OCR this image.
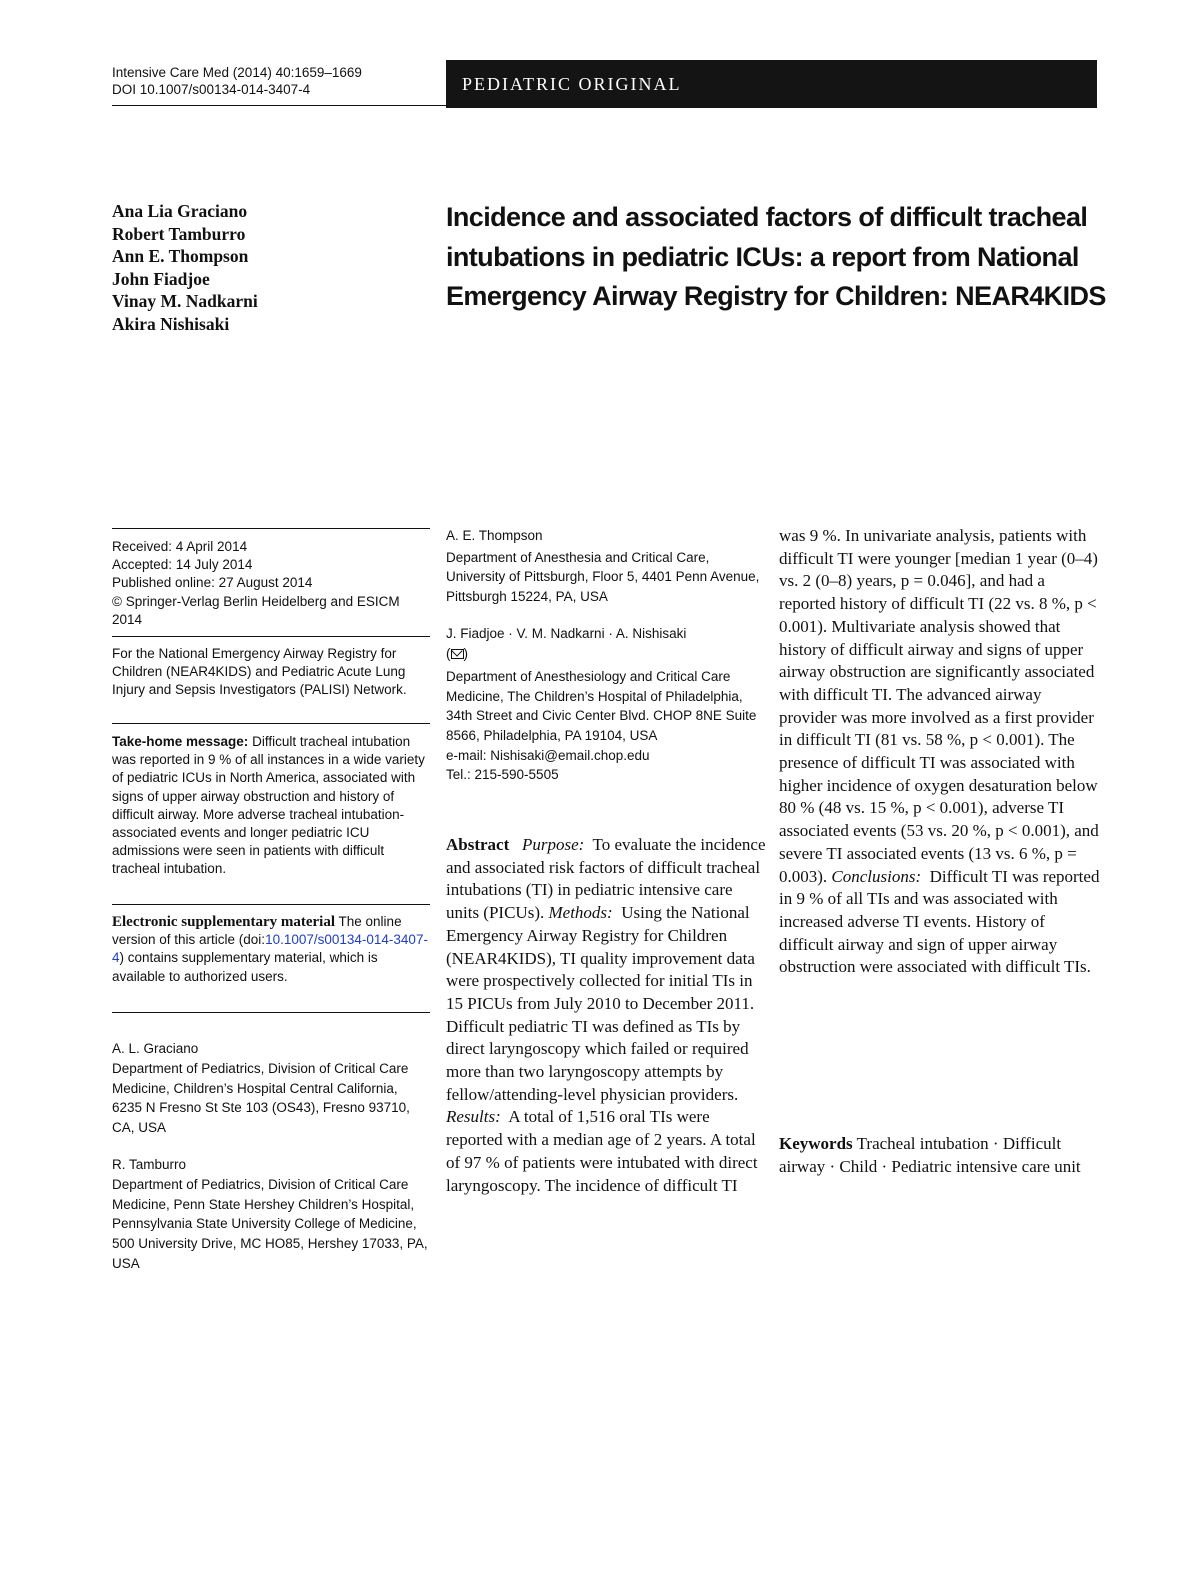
Intensive Care Med (2014) 40:1659–1669
DOI 10.1007/s00134-014-3407-4	PEDIATRIC ORIGINAL
Ana Lia Graciano
Robert Tamburro
Ann E. Thompson
John Fiadjoe
Vinay M. Nadkarni
Akira Nishisaki
Incidence and associated factors of difficult tracheal intubations in pediatric ICUs: a report from National Emergency Airway Registry for Children: NEAR4KIDS

Received: 4 April 2014

Accepted: 14 July 2014

Published online: 27 August 2014

© Springer-Verlag Berlin Heidelberg and ESICM 2014

For the National Emergency Airway Registry for Children (NEAR4KIDS) and Pediatric Acute Lung Injury and Sepsis Investigators (PALISI) Network.
Take-home message: Difficult tracheal intubation was reported in 9 % of all instances in a wide variety of pediatric ICUs in North America, associated with signs of upper airway obstruction and history of difficult airway. More adverse tracheal intubation-associated events and longer pediatric ICU admissions were seen in patients with difficult tracheal intubation.
Electronic supplementary material The online version of this article (doi:10.1007/s00134-014-3407-4) contains supplementary material, which is available to authorized users.

A. L. Graciano

Department of Pediatrics, Division of Critical Care Medicine, Children’s Hospital Central California, 6235 N Fresno St Ste 103 (OS43), Fresno 93710, CA, USA

R. Tamburro

Department of Pediatrics, Division of Critical Care Medicine, Penn State Hershey Children’s Hospital, Pennsylvania State University College of Medicine, 500 University Drive, MC HO85, Hershey 17033, PA, USA

A. E. Thompson

Department of Anesthesia and Critical Care, University of Pittsburgh, Floor 5, 4401 Penn Avenue, Pittsburgh 15224, PA, USA

J. Fiadjoe · V. M. Nadkarni · A. Nishisaki

( )

Department of Anesthesiology and Critical Care Medicine, The Children’s Hospital of Philadelphia, 34th Street and Civic Center Blvd. CHOP 8NE Suite 8566, Philadelphia, PA 19104, USA

e-mail: Nishisaki@email.chop.edu

Tel.: 215-590-5505

Abstract Purpose: To evaluate the incidence and associated risk factors of difficult tracheal intubations (TI) in pediatric intensive care units (PICUs). Methods: Using the National Emergency Airway Registry for Children (NEAR4KIDS), TI quality improvement data were prospectively collected for initial TIs in 15 PICUs from July 2010 to December 2011. Difficult pediatric TI was defined as TIs by direct laryngoscopy which failed or required more than two laryngoscopy attempts by fellow/attending-level physician providers. Results: A total of 1,516 oral TIs were reported with a median age of 2 years. A total of 97 % of patients were intubated with direct laryngoscopy. The incidence of difficult TI
was 9 %. In univariate analysis, patients with difficult TI were younger [median 1 year (0–4) vs. 2 (0–8) years, p = 0.046], and had a reported history of difficult TI (22 vs. 8 %, p < 0.001). Multivariate analysis showed that history of difficult airway and signs of upper airway obstruction are significantly associated with difficult TI. The advanced airway provider was more involved as a first provider in difficult TI (81 vs. 58 %, p < 0.001). The presence of difficult TI was associated with higher incidence of oxygen desaturation below 80 % (48 vs. 15 %, p < 0.001), adverse TI associated events (53 vs. 20 %, p < 0.001), and severe TI associated events (13 vs. 6 %, p = 0.003). Conclusions: Difficult TI was reported in 9 % of all TIs and was associated with increased adverse TI events. History of difficult airway and sign of upper airway obstruction were associated with difficult TIs.
Keywords Tracheal intubation · Difficult airway · Child · Pediatric intensive care unit
